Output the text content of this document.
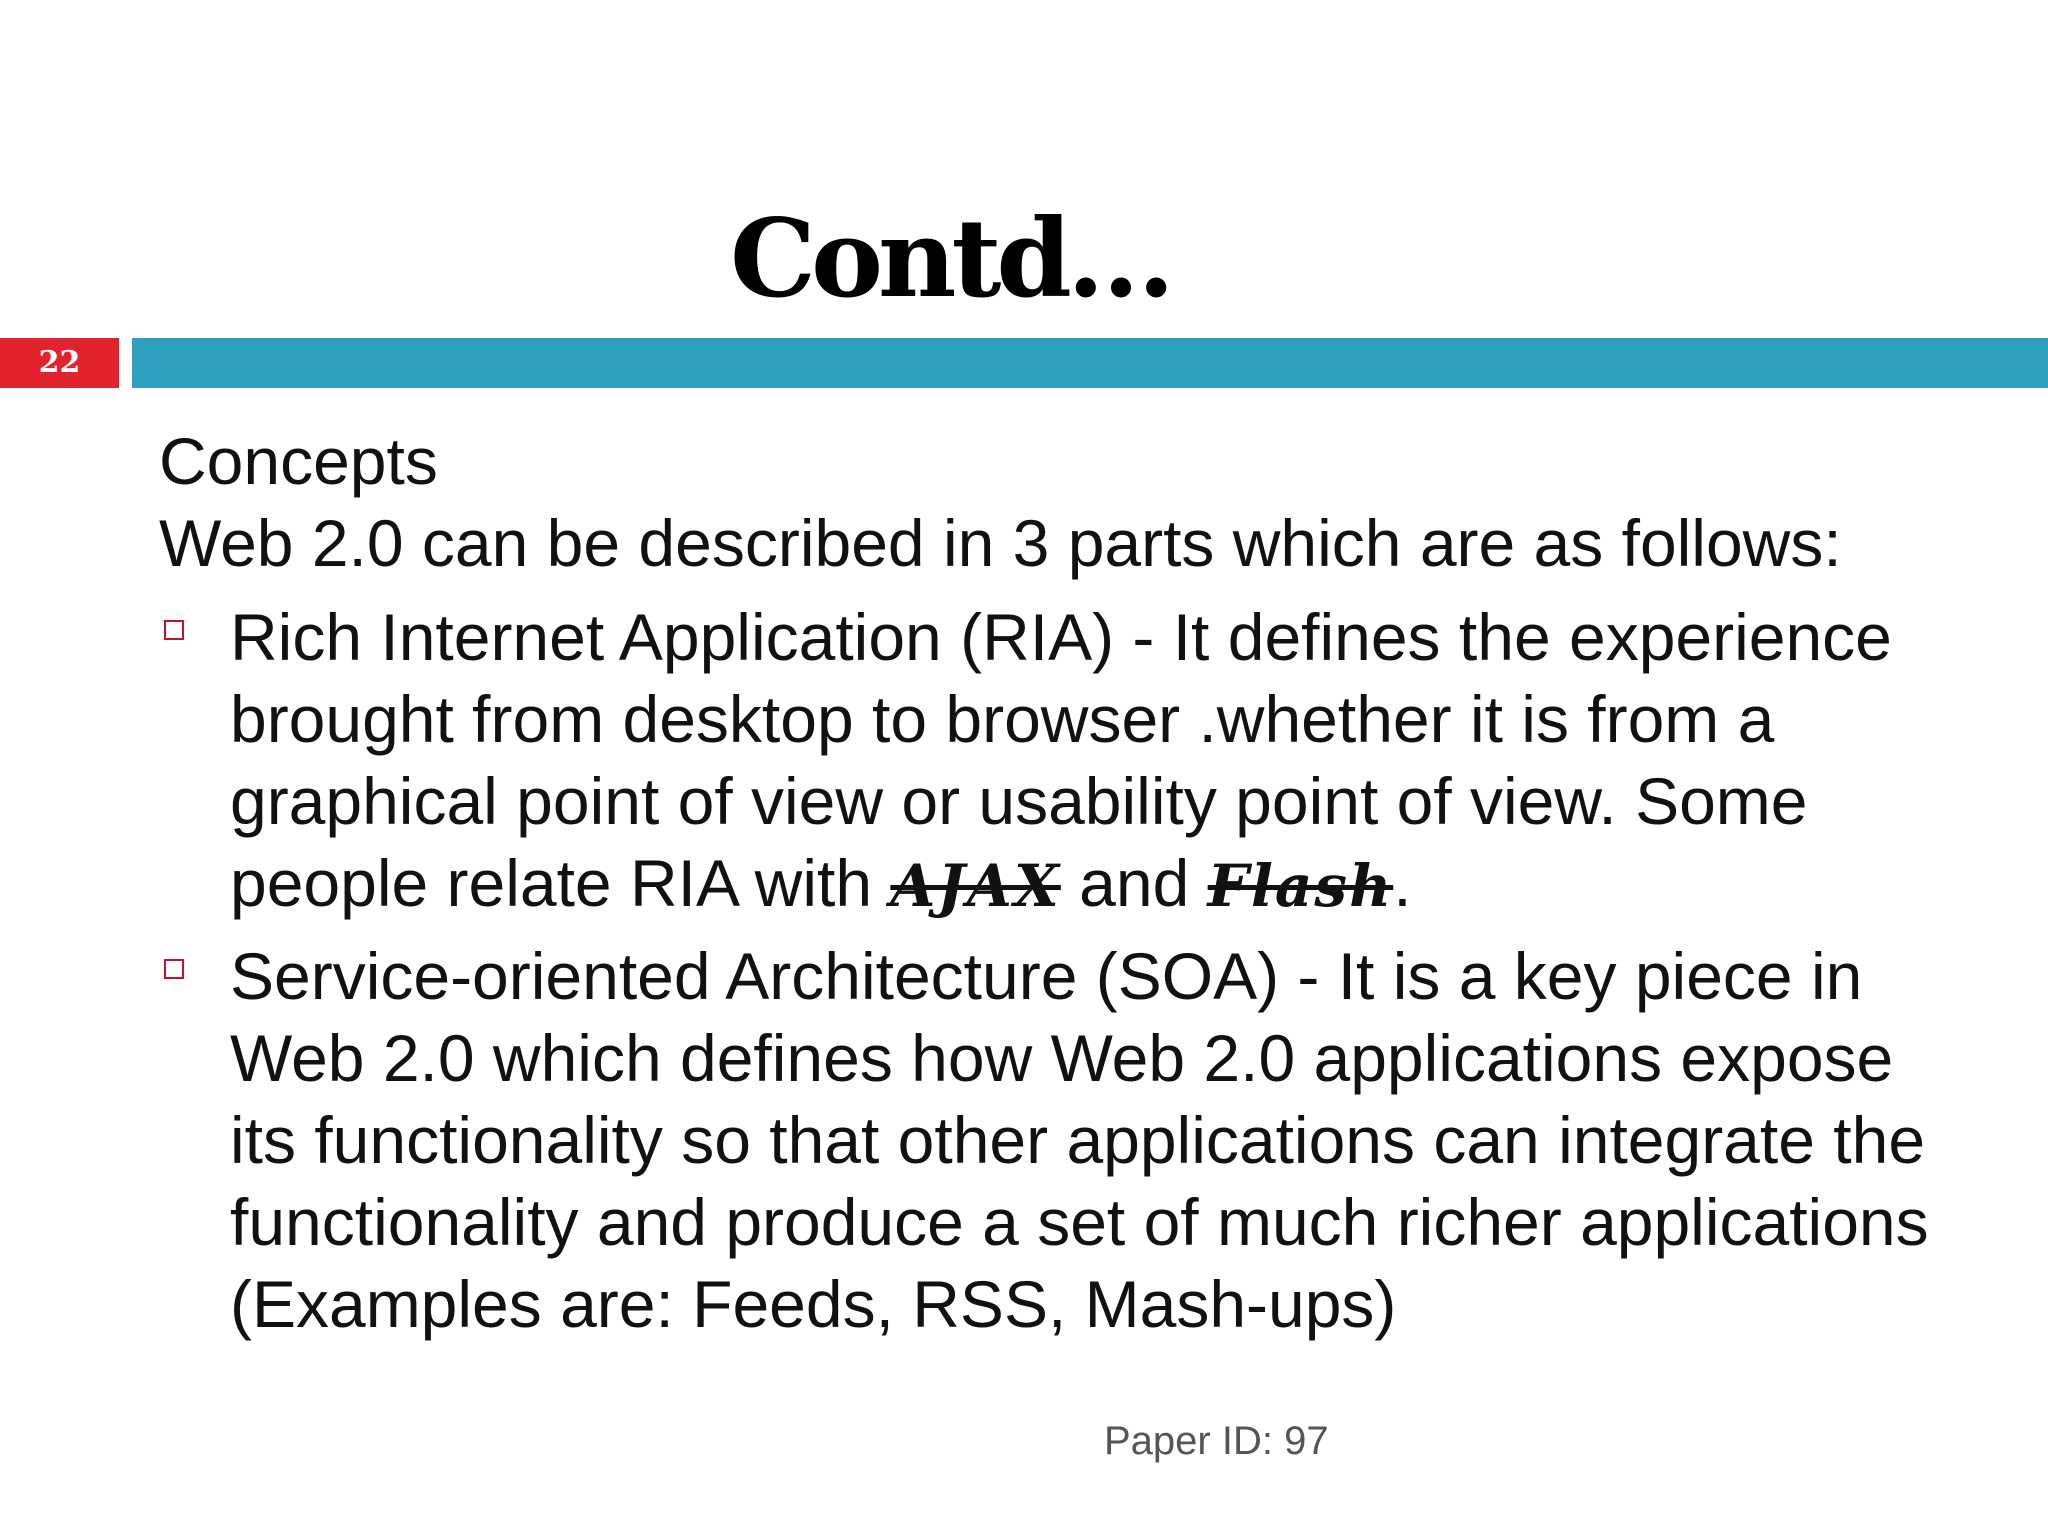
Contd…
22

Concepts

Web 2.0 can be described in 3 parts which are as follows:

Rich Internet Application (RIA) - It defines the experience brought from desktop to browser .whether it is from a graphical point of view or usability point of view. Some people relate RIA with AJAX and Flash.
Service-oriented Architecture (SOA) - It is a key piece in Web 2.0 which defines how Web 2.0 applications expose its functionality so that other applications can integrate the functionality and produce a set of much richer applications (Examples are: Feeds, RSS, Mash-ups)
Paper ID: 97
